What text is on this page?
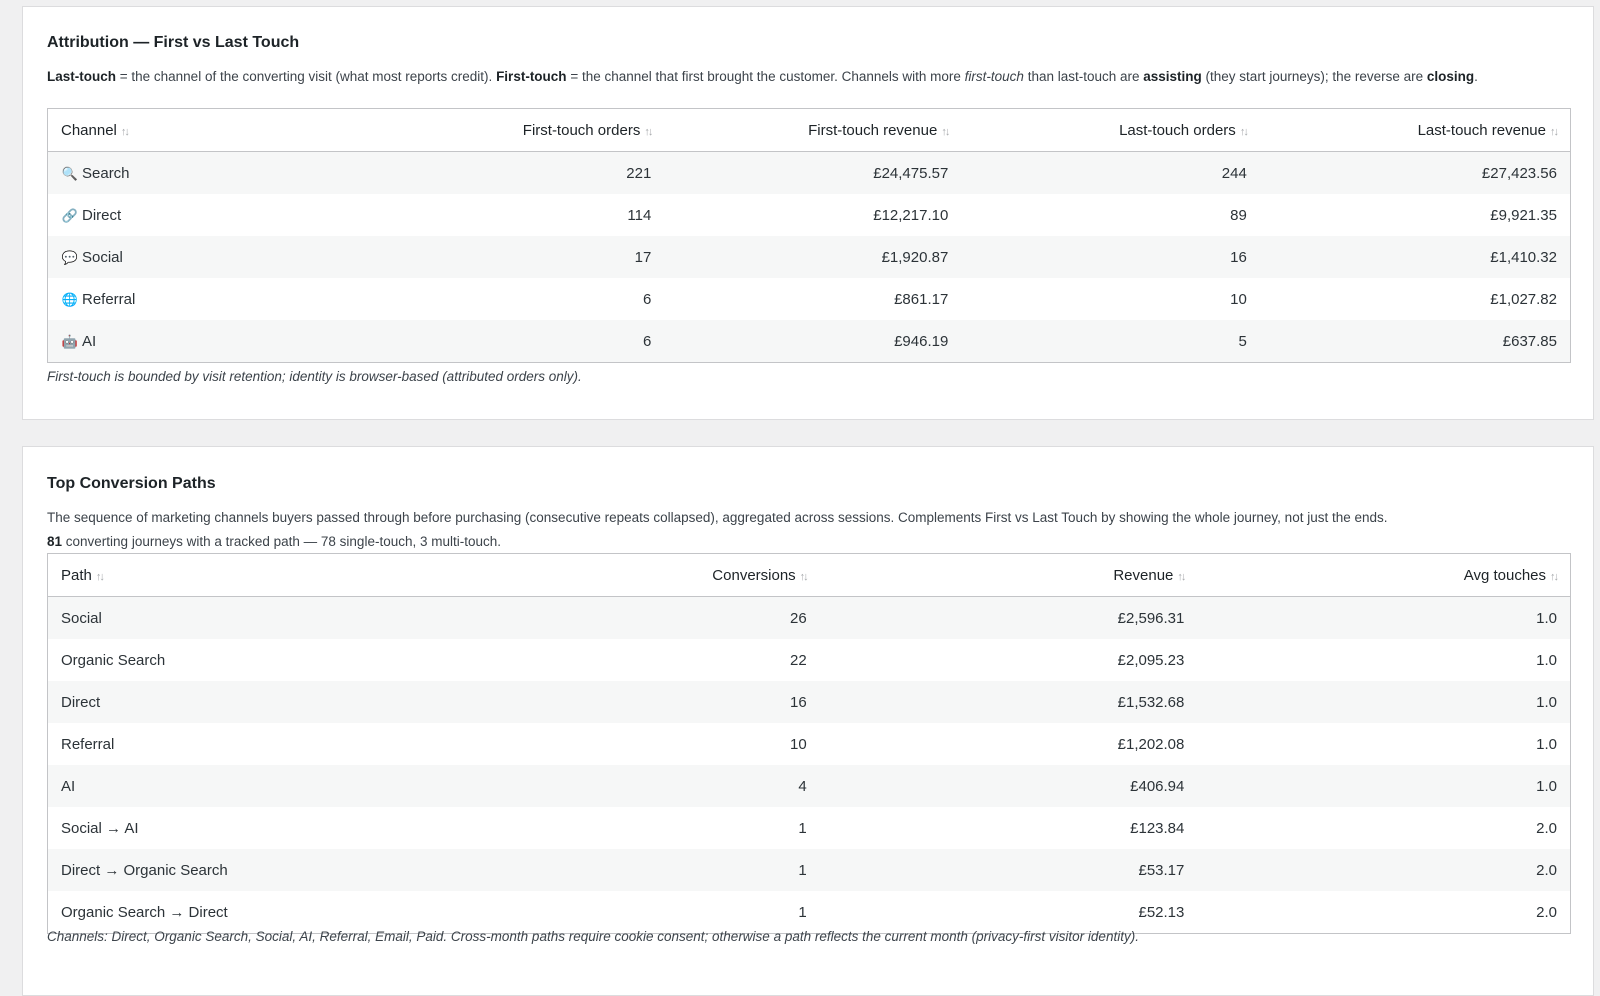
Attribution — First vs Last Touch

Last-touch = the channel of the converting visit (what most reports credit). First-touch = the channel that first brought the customer. Channels with more first-touch than last-touch are assisting (they start journeys); the reverse are closing.

Channel ↑↓	First-touch orders ↑↓	First-touch revenue ↑↓	Last-touch orders ↑↓	Last-touch revenue ↑↓
🔍 Search	221	£24,475.57	244	£27,423.56
🔗 Direct	114	£12,217.10	89	£9,921.35
💬 Social	17	£1,920.87	16	£1,410.32
🌐 Referral	6	£861.17	10	£1,027.82
🤖 AI	6	£946.19	5	£637.85

First-touch is bounded by visit retention; identity is browser-based (attributed orders only).

Top Conversion Paths

The sequence of marketing channels buyers passed through before purchasing (consecutive repeats collapsed), aggregated across sessions. Complements First vs Last Touch by showing the whole journey, not just the ends.

81 converting journeys with a tracked path — 78 single-touch, 3 multi-touch.

Path ↑↓	Conversions ↑↓	Revenue ↑↓	Avg touches ↑↓
Social	26	£2,596.31	1.0
Organic Search	22	£2,095.23	1.0
Direct	16	£1,532.68	1.0
Referral	10	£1,202.08	1.0
AI	4	£406.94	1.0
Social → AI	1	£123.84	2.0
Direct → Organic Search	1	£53.17	2.0
Organic Search → Direct	1	£52.13	2.0

Channels: Direct, Organic Search, Social, AI, Referral, Email, Paid. Cross-month paths require cookie consent; otherwise a path reflects the current month (privacy-first visitor identity).
